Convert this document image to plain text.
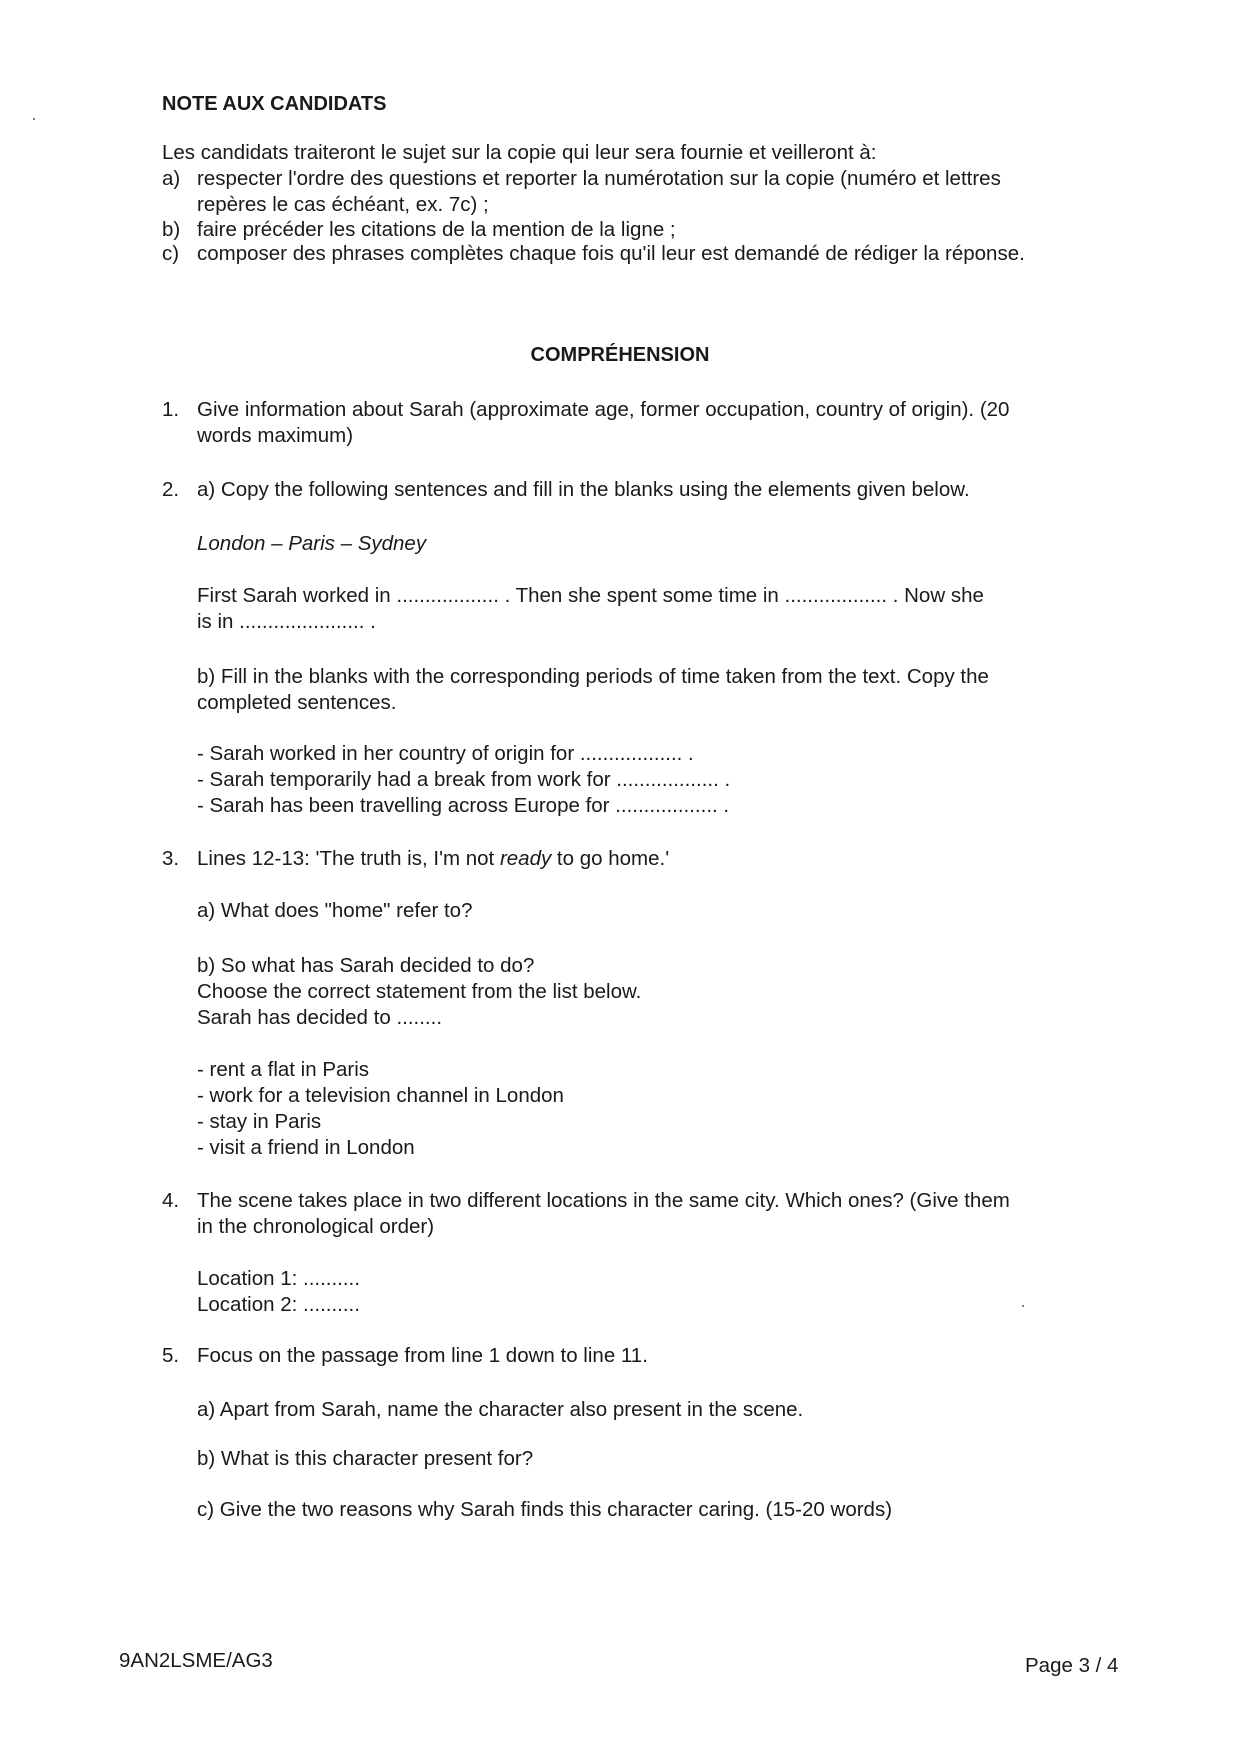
NOTE AUX CANDIDATS
Les candidats traiteront le sujet sur la copie qui leur sera fournie et veilleront à:
a) respecter l'ordre des questions et reporter la numérotation sur la copie (numéro et lettres
repères le cas échéant, ex. 7c) ;
b) faire précéder les citations de la mention de la ligne ;
c) composer des phrases complètes chaque fois qu'il leur est demandé de rédiger la réponse.
COMPRÉHENSION
1. Give information about Sarah (approximate age, former occupation, country of origin). (20
words maximum)
2. a) Copy the following sentences and fill in the blanks using the elements given below.
London – Paris – Sydney
First Sarah worked in .................. . Then she spent some time in .................. . Now she
is in ...................... .
b) Fill in the blanks with the corresponding periods of time taken from the text. Copy the
completed sentences.
- Sarah worked in her country of origin for .................. .
- Sarah temporarily had a break from work for .................. .
- Sarah has been travelling across Europe for .................. .
3. Lines 12-13: 'The truth is, I'm not ready to go home.'
a) What does "home" refer to?
b) So what has Sarah decided to do?
Choose the correct statement from the list below.
Sarah has decided to ........
- rent a flat in Paris
- work for a television channel in London
- stay in Paris
- visit a friend in London
4. The scene takes place in two different locations in the same city. Which ones? (Give them
in the chronological order)
Location 1: ..........
Location 2: ..........
5. Focus on the passage from line 1 down to line 11.
a) Apart from Sarah, name the character also present in the scene.
b) What is this character present for?
c) Give the two reasons why Sarah finds this character caring. (15-20 words)
9AN2LSME/AG3	Page 3 / 4
